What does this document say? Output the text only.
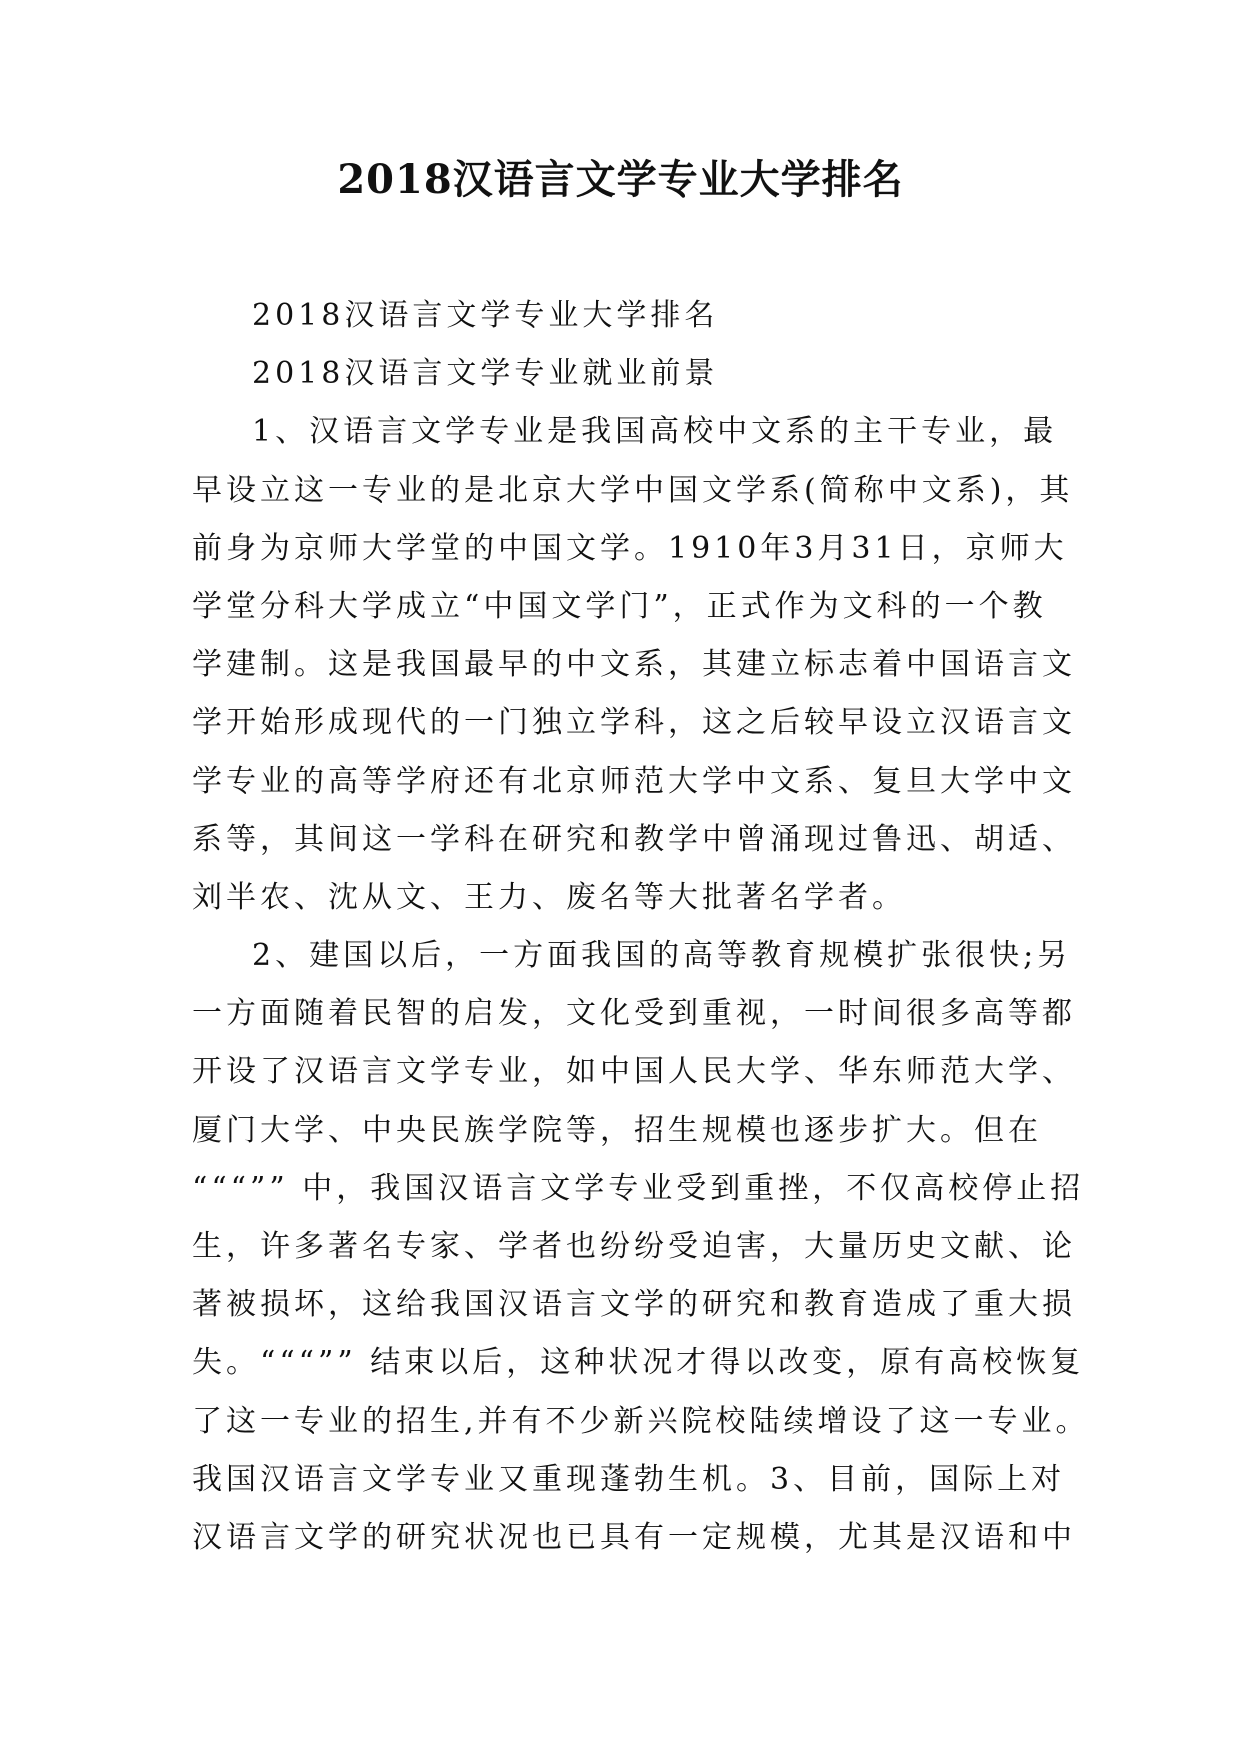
2018汉语言文学专业大学排名
2018汉语言文学专业大学排名
2018汉语言文学专业就业前景
1、汉语言文学专业是我国高校中文系的主干专业，最
早设立这一专业的是北京大学中国文学系(简称中文系)，其
前身为京师大学堂的中国文学。1910年3月31日，京师大
学堂分科大学成立“中国文学门”，正式作为文科的一个教
学建制。这是我国最早的中文系，其建立标志着中国语言文
学开始形成现代的一门独立学科，这之后较早设立汉语言文
学专业的高等学府还有北京师范大学中文系、复旦大学中文
系等，其间这一学科在研究和教学中曾涌现过鲁迅、胡适、
刘半农、沈从文、王力、废名等大批著名学者。
2、建国以后，一方面我国的高等教育规模扩张很快;另
一方面随着民智的启发，文化受到重视，一时间很多高等都
开设了汉语言文学专业，如中国人民大学、华东师范大学、
厦门大学、中央民族学院等，招生规模也逐步扩大。但在
“““”” 中，我国汉语言文学专业受到重挫，不仅高校停止招
生，许多著名专家、学者也纷纷受迫害，大量历史文献、论
著被损坏，这给我国汉语言文学的研究和教育造成了重大损
失。“““”” 结束以后，这种状况才得以改变，原有高校恢复
了这一专业的招生,并有不少新兴院校陆续增设了这一专业。
我国汉语言文学专业又重现蓬勃生机。3、目前，国际上对
汉语言文学的研究状况也已具有一定规模，尤其是汉语和中
